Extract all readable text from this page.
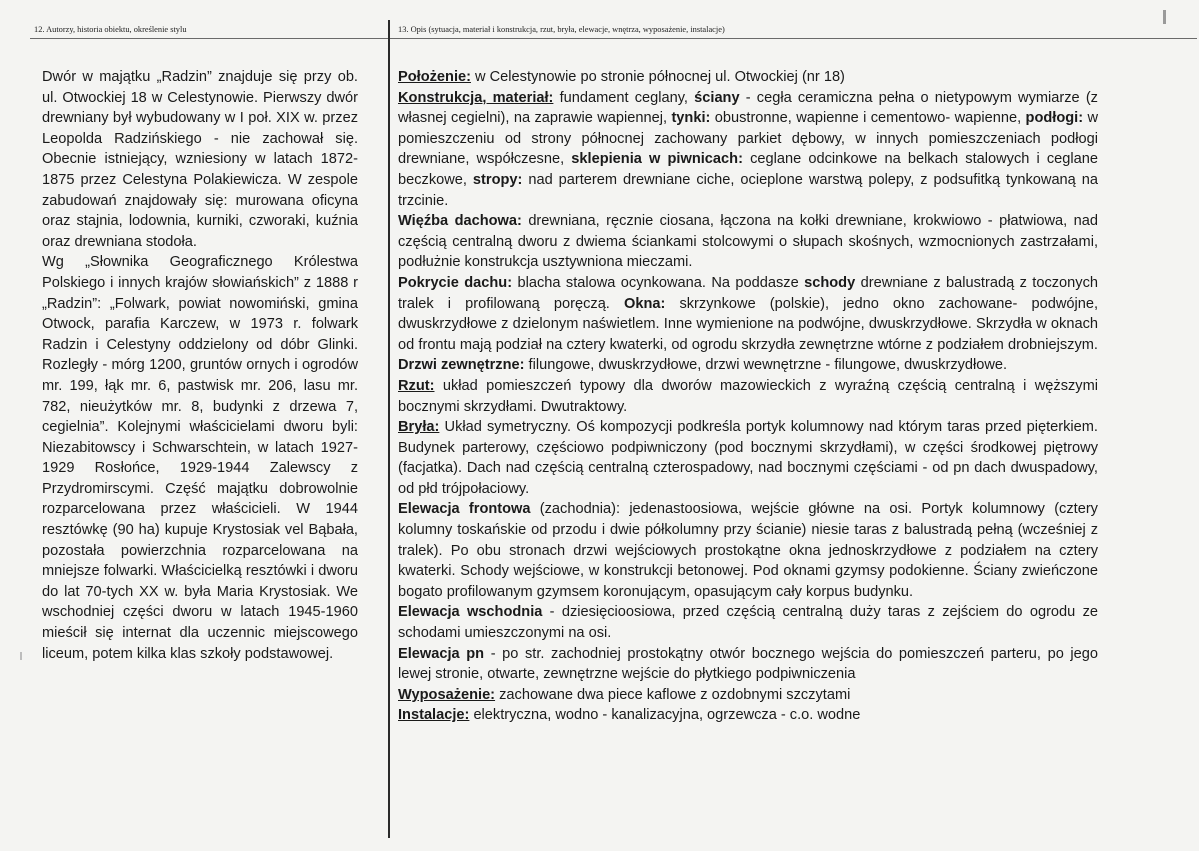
12. Autorzy, historia obiektu, określenie stylu	13. Opis (sytuacja, materiał i konstrukcja, rzut, bryła, elewacje, wnętrza, wyposażenie, instalacje)

Dwór w majątku „Radzin” znajduje się przy ob. ul. Otwockiej 18 w Celestynowie. Pierwszy dwór drewniany był wybudowany w I poł. XIX w. przez Leopolda Radzińskiego - nie zachował się. Obecnie istniejący, wzniesiony w latach 1872-1875 przez Celestyna Polakiewicza. W zespole zabudowań znajdowały się: murowana oficyna oraz stajnia, lodownia, kurniki, czworaki, kuźnia oraz drewniana stodoła.

Wg „Słownika Geograficznego Królestwa Polskiego i innych krajów słowiańskich” z 1888 r „Radzin”: „Folwark, powiat nowomiński, gmina Otwock, parafia Karczew, w 1973 r. folwark Radzin i Celestyny oddzielony od dóbr Glinki. Rozległy - mórg 1200, gruntów ornych i ogrodów mr. 199, łąk mr. 6, pastwisk mr. 206, lasu mr. 782, nieużytków mr. 8, budynki z drzewa 7, cegielnia”. Kolejnymi właścicielami dworu byli: Niezabitowscy i Schwarschtein, w latach 1927-1929 Rosłońce, 1929-1944 Zalewscy z Przydromirscymi. Część majątku dobrowolnie rozparcelowana przez właścicieli. W 1944 resztówkę (90 ha) kupuje Krystosiak vel Bąbała, pozostała powierzchnia rozparcelowana na mniejsze folwarki. Właścicielką resztówki i dworu do lat 70-tych XX w. była Maria Krystosiak. We wschodniej części dworu w latach 1945-1960 mieścił się internat dla uczennic miejscowego liceum, potem kilka klas szkoły podstawowej.

Położenie: w Celestynowie po stronie północnej ul. Otwockiej (nr 18)

Konstrukcja, materiał: fundament ceglany, ściany - cegła ceramiczna pełna o nietypowym wymiarze (z własnej cegielni), na zaprawie wapiennej, tynki: obustronne, wapienne i cementowo- wapienne, podłogi: w pomieszczeniu od strony północnej zachowany parkiet dębowy, w innych pomieszczeniach podłogi drewniane, współczesne, sklepienia w piwnicach: ceglane odcinkowe na belkach stalowych i ceglane beczkowe, stropy: nad parterem drewniane ciche, ocieplone warstwą polepy, z podsufitką tynkowaną na trzcinie.

Więźba dachowa: drewniana, ręcznie ciosana, łączona na kołki drewniane, krokwiowo - płatwiowa, nad częścią centralną dworu z dwiema ściankami stolcowymi o słupach skośnych, wzmocnionych zastrzałami, podłużnie konstrukcja usztywniona mieczami.

Pokrycie dachu: blacha stalowa ocynkowana. Na poddasze schody drewniane z balustradą z toczonych tralek i profilowaną poręczą. Okna: skrzynkowe (polskie), jedno okno zachowane- podwójne, dwuskrzydłowe z dzielonym naświetlem. Inne wymienione na podwójne, dwuskrzydłowe. Skrzydła w oknach od frontu mają podział na cztery kwaterki, od ogrodu skrzydła zewnętrzne wtórne z podziałem drobniejszym. Drzwi zewnętrzne: filungowe, dwuskrzydłowe, drzwi wewnętrzne - filungowe, dwuskrzydłowe.

Rzut: układ pomieszczeń typowy dla dworów mazowieckich z wyraźną częścią centralną i węższymi bocznymi skrzydłami. Dwutraktowy.

Bryła: Układ symetryczny. Oś kompozycji podkreśla portyk kolumnowy nad którym taras przed pięterkiem. Budynek parterowy, częściowo podpiwniczony (pod bocznymi skrzydłami), w części środkowej piętrowy (facjatka). Dach nad częścią centralną czterospadowy, nad bocznymi częściami - od pn dach dwuspadowy, od płd trójpołaciowy.

Elewacja frontowa (zachodnia): jedenastoosiowa, wejście główne na osi. Portyk kolumnowy (cztery kolumny toskańskie od przodu i dwie półkolumny przy ścianie) niesie taras z balustradą pełną (wcześniej z tralek). Po obu stronach drzwi wejściowych prostokątne okna jednoskrzydłowe z podziałem na cztery kwaterki. Schody wejściowe, w konstrukcji betonowej. Pod oknami gzymsy podokienne. Ściany zwieńczone bogato profilowanym gzymsem koronującym, opasującym cały korpus budynku.

Elewacja wschodnia - dziesięcioosiowa, przed częścią centralną duży taras z zejściem do ogrodu ze schodami umieszczonymi na osi.

Elewacja pn - po str. zachodniej prostokątny otwór bocznego wejścia do pomieszczeń parteru, po jego lewej stronie, otwarte, zewnętrzne wejście do płytkiego podpiwniczenia

Wyposażenie: zachowane dwa piece kaflowe z ozdobnymi szczytami

Instalacje: elektryczna, wodno - kanalizacyjna, ogrzewcza - c.o. wodne
